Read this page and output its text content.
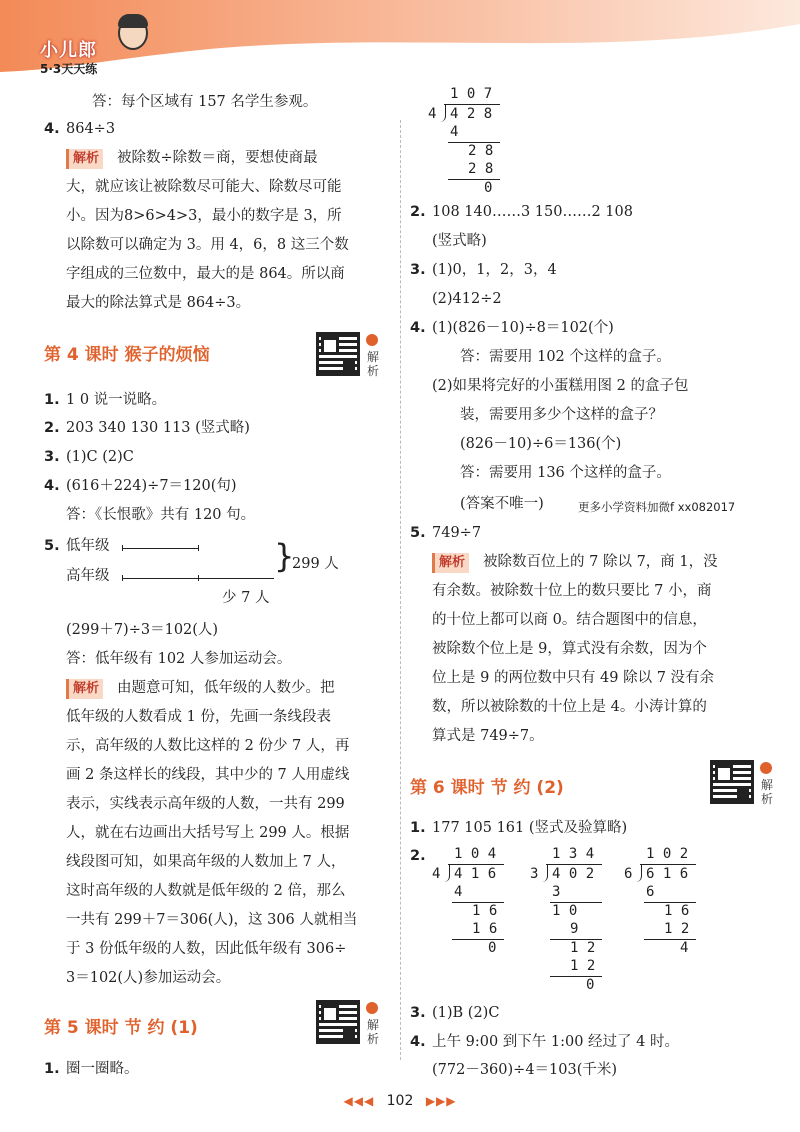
小儿郎
5·3天天练
答：每个区域有 157 名学生参观。
4. 864÷3
解析 被除数÷除数＝商，要想使商最
大，就应该让被除数尽可能大、除数尽可能
小。因为8>6>4>3，最小的数字是 3，所
以除数可以确定为 3。用 4，6，8 这三个数
字组成的三位数中，最大的是 864。所以商
最大的除法算式是 864÷3。
第 4 课时 猴子的烦恼	解析
1. 1 0 说一说略。
2. 203 340 130 113 (竖式略)
3. (1)C (2)C
4. (616＋224)÷7＝120(句)
答：《长恨歌》共有 120 句。
5. 低年级
高年级
}
299 人
少 7 人
(299＋7)÷3＝102(人)
答：低年级有 102 人参加运动会。
解析 由题意可知，低年级的人数少。把
低年级的人数看成 1 份，先画一条线段表
示，高年级的人数比这样的 2 份少 7 人，再
画 2 条这样长的线段，其中少的 7 人用虚线
表示，实线表示高年级的人数，一共有 299
人，就在右边画出大括号写上 299 人。根据
线段图可知，如果高年级的人数加上 7 人，
这时高年级的人数就是低年级的 2 倍，那么
一共有 299＋7＝306(人)，这 306 人就相当
于 3 份低年级的人数，因此低年级有 306÷
3＝102(人)参加运动会。
第 5 课时 节 约 (1)	解析
1. 圈一圈略。
1 0 7
4 4 2 8
4
2 8
2 8
0
2. 108 140……3 150……2 108
(竖式略)
3. (1)0，1，2，3，4
(2)412÷2
4. (1)(826－10)÷8＝102(个)
答：需要用 102 个这样的盒子。
(2)如果将完好的小蛋糕用图 2 的盒子包
装，需要用多少个这样的盒子？
(826－10)÷6＝136(个)
答：需要用 136 个这样的盒子。
(答案不唯一)	更多小学资料加微f xx082017
5. 749÷7
解析 被除数百位上的 7 除以 7，商 1，没
有余数。被除数十位上的数只要比 7 小，商
的十位上都可以商 0。结合题图中的信息，
被除数个位上是 9，算式没有余数，因为个
位上是 9 的两位数中只有 49 除以 7 没有余
数，所以被除数的十位上是 4。小涛计算的
算式是 749÷7。
第 6 课时 节 约 (2)	解析
1. 177 105 161 (竖式及验算略)
2. 1 0 4
4 4 1 6
4
1 6
1 6
0
1 3 4
3 4 0 2
3
1 0
9
1 2
1 2
0
1 0 2
6 6 1 6
6
1 6
1 2
4
3. (1)B (2)C
4. 上午 9:00 到下午 1:00 经过了 4 时。
(772－360)÷4＝103(千米)
◀◀◀ 102 ▶▶▶
